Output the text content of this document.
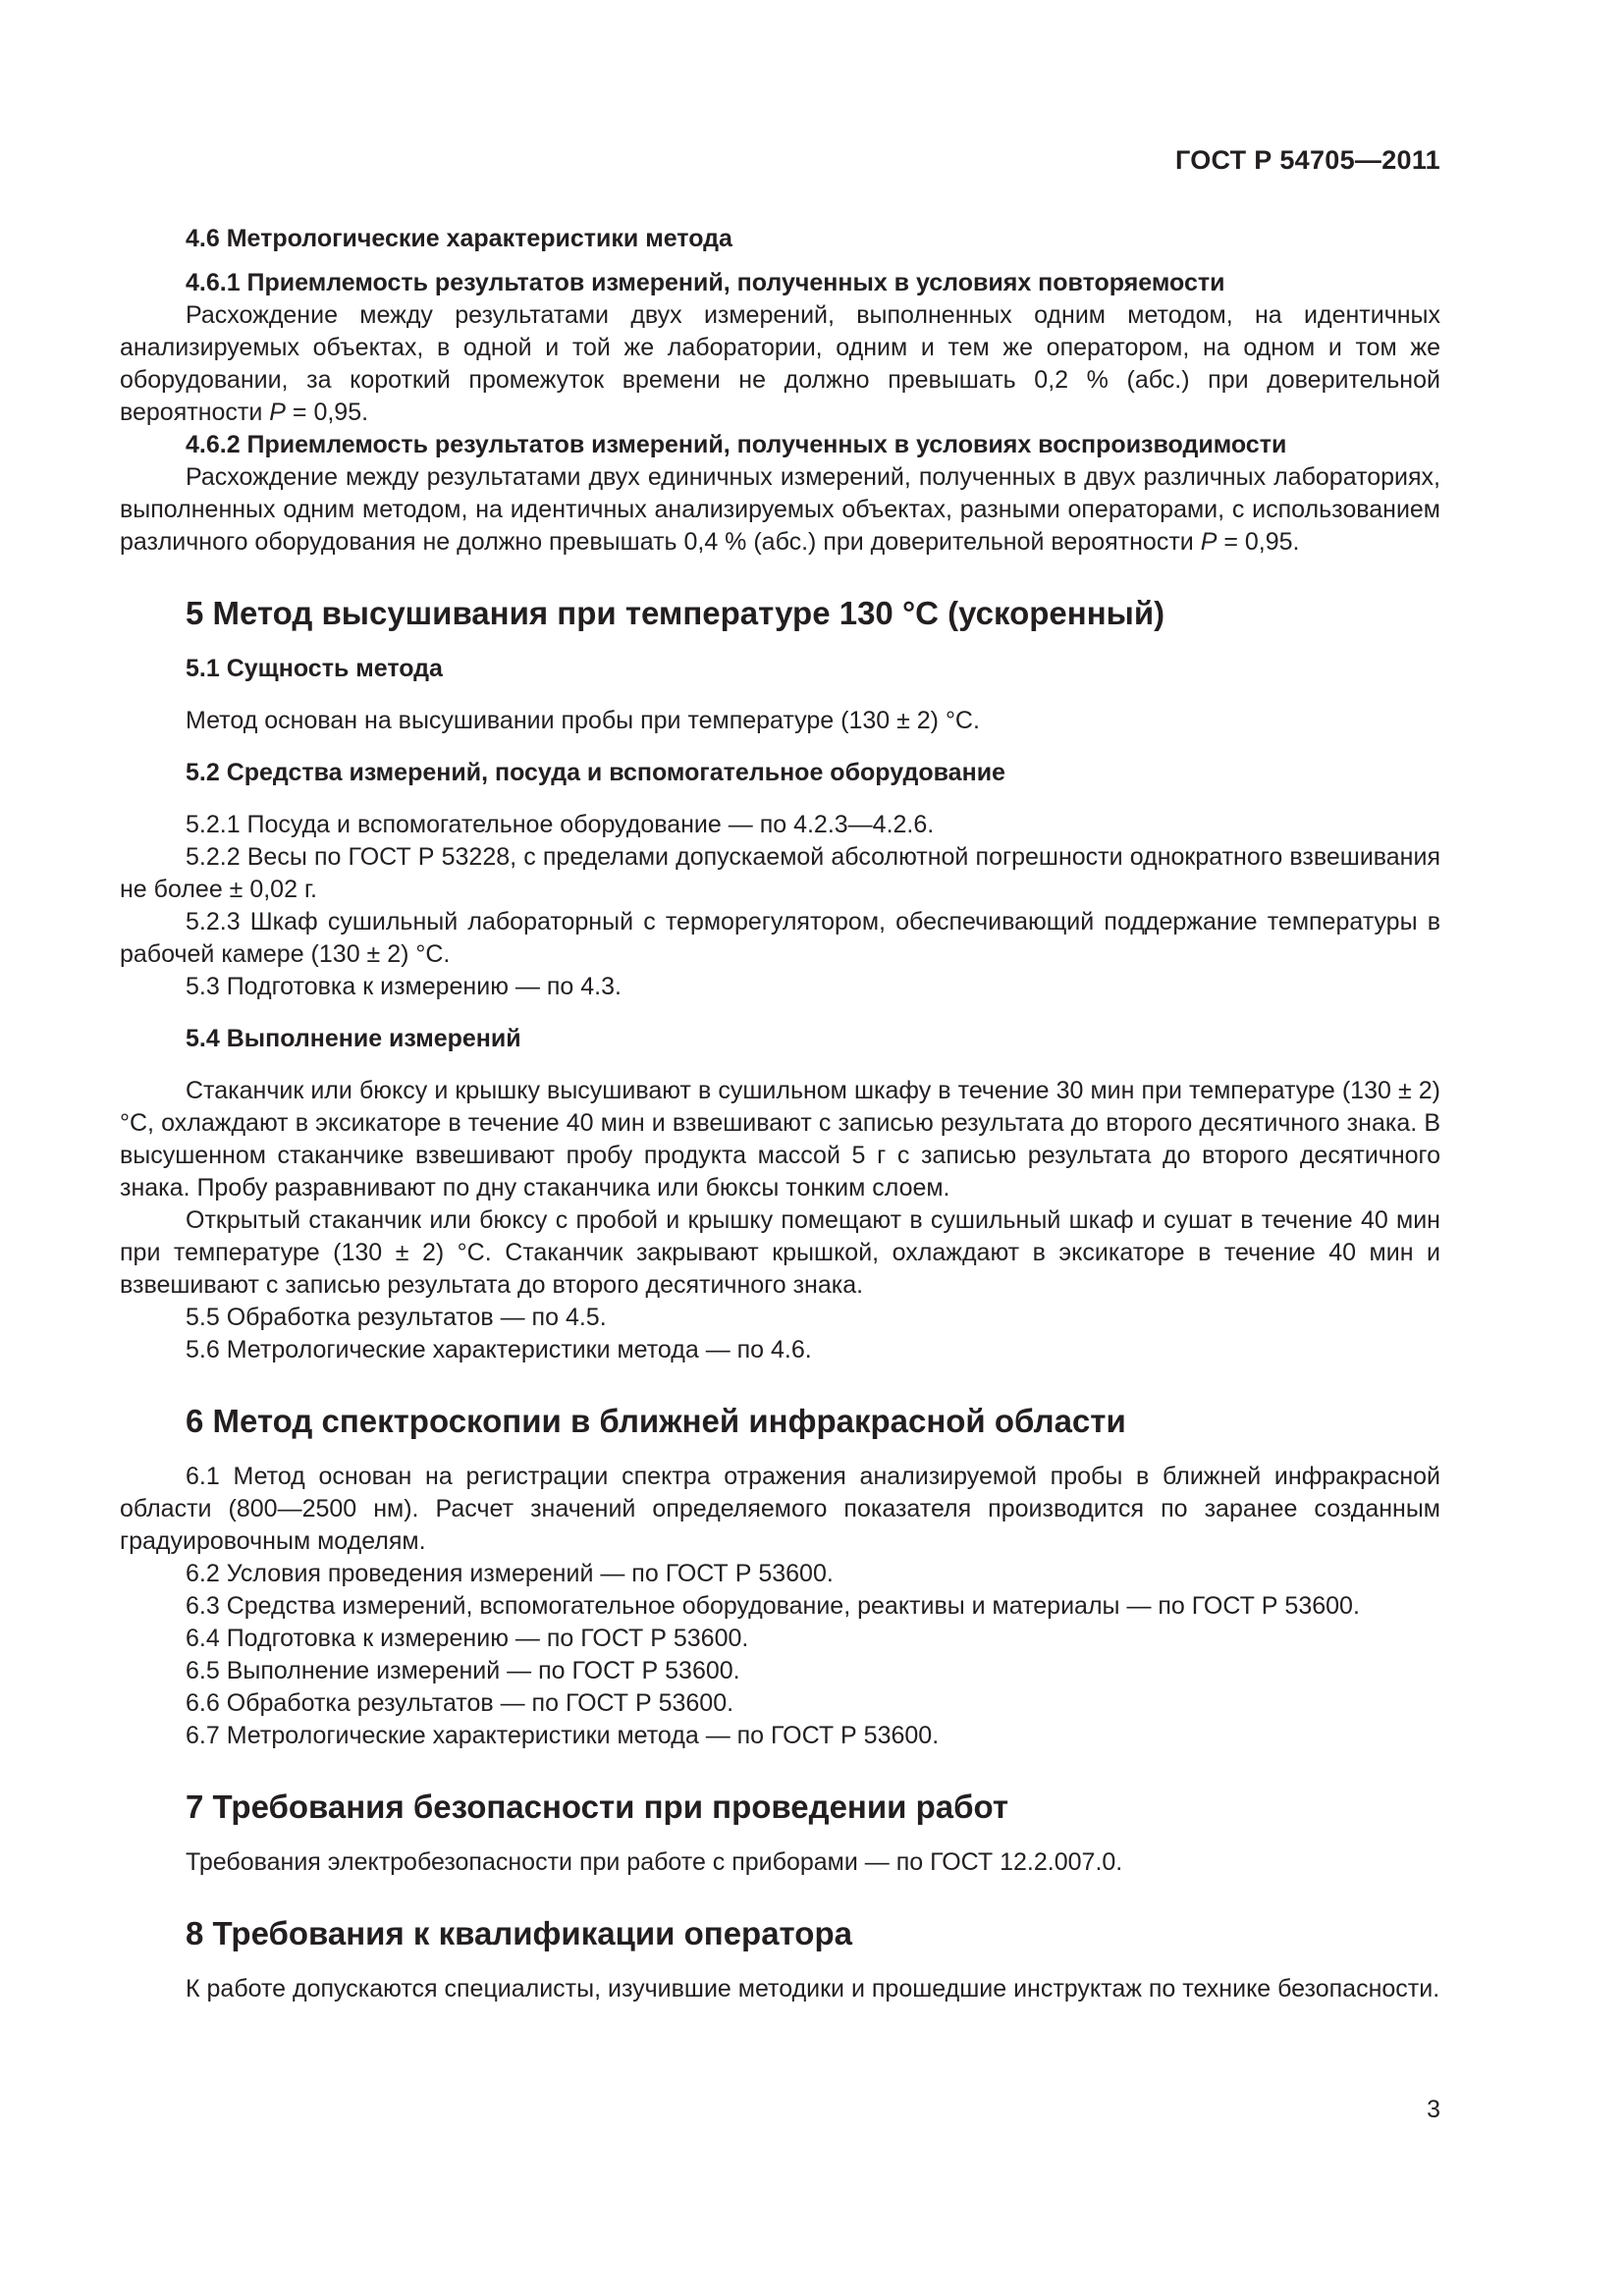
ГОСТ Р 54705—2011

4.6 Метрологические характеристики метода

4.6.1 Приемлемость результатов измерений, полученных в условиях повторяемости

Расхождение между результатами двух измерений, выполненных одним методом, на идентичных анализируемых объектах, в одной и той же лаборатории, одним и тем же оператором, на одном и том же оборудовании, за короткий промежуток времени не должно превышать 0,2 % (абс.) при доверительной вероятности P = 0,95.

4.6.2 Приемлемость результатов измерений, полученных в условиях воспроизводимости

Расхождение между результатами двух единичных измерений, полученных в двух различных лабораториях, выполненных одним методом, на идентичных анализируемых объектах, разными операторами, с использованием различного оборудования не должно превышать 0,4 % (абс.) при доверительной вероятности P = 0,95.

5 Метод высушивания при температуре 130 °С (ускоренный)

5.1 Сущность метода

Метод основан на высушивании пробы при температуре (130 ± 2) °С.

5.2 Средства измерений, посуда и вспомогательное оборудование

5.2.1 Посуда и вспомогательное оборудование — по 4.2.3—4.2.6.

5.2.2 Весы по ГОСТ Р 53228, с пределами допускаемой абсолютной погрешности однократного взвешивания не более ± 0,02 г.

5.2.3 Шкаф сушильный лабораторный с терморегулятором, обеспечивающий поддержание температуры в рабочей камере (130 ± 2) °С.

5.3 Подготовка к измерению — по 4.3.

5.4 Выполнение измерений

Стаканчик или бюксу и крышку высушивают в сушильном шкафу в течение 30 мин при температуре (130 ± 2) °С, охлаждают в эксикаторе в течение 40 мин и взвешивают с записью результата до второго десятичного знака. В высушенном стаканчике взвешивают пробу продукта массой 5 г с записью результата до второго десятичного знака. Пробу разравнивают по дну стаканчика или бюксы тонким слоем.

Открытый стаканчик или бюксу с пробой и крышку помещают в сушильный шкаф и сушат в течение 40 мин при температуре (130 ± 2) °С. Стаканчик закрывают крышкой, охлаждают в эксикаторе в течение 40 мин и взвешивают с записью результата до второго десятичного знака.

5.5 Обработка результатов — по 4.5.

5.6 Метрологические характеристики метода — по 4.6.

6 Метод спектроскопии в ближней инфракрасной области

6.1 Метод основан на регистрации спектра отражения анализируемой пробы в ближней инфракрасной области (800—2500 нм). Расчет значений определяемого показателя производится по заранее созданным градуировочным моделям.

6.2 Условия проведения измерений — по ГОСТ Р 53600.

6.3 Средства измерений, вспомогательное оборудование, реактивы и материалы — по ГОСТ Р 53600.

6.4 Подготовка к измерению — по ГОСТ Р 53600.

6.5 Выполнение измерений — по ГОСТ Р 53600.

6.6 Обработка результатов — по ГОСТ Р 53600.

6.7 Метрологические характеристики метода — по ГОСТ Р 53600.

7 Требования безопасности при проведении работ

Требования электробезопасности при работе с приборами — по ГОСТ 12.2.007.0.

8 Требования к квалификации оператора

К работе допускаются специалисты, изучившие методики и прошедшие инструктаж по технике безопасности.

3
